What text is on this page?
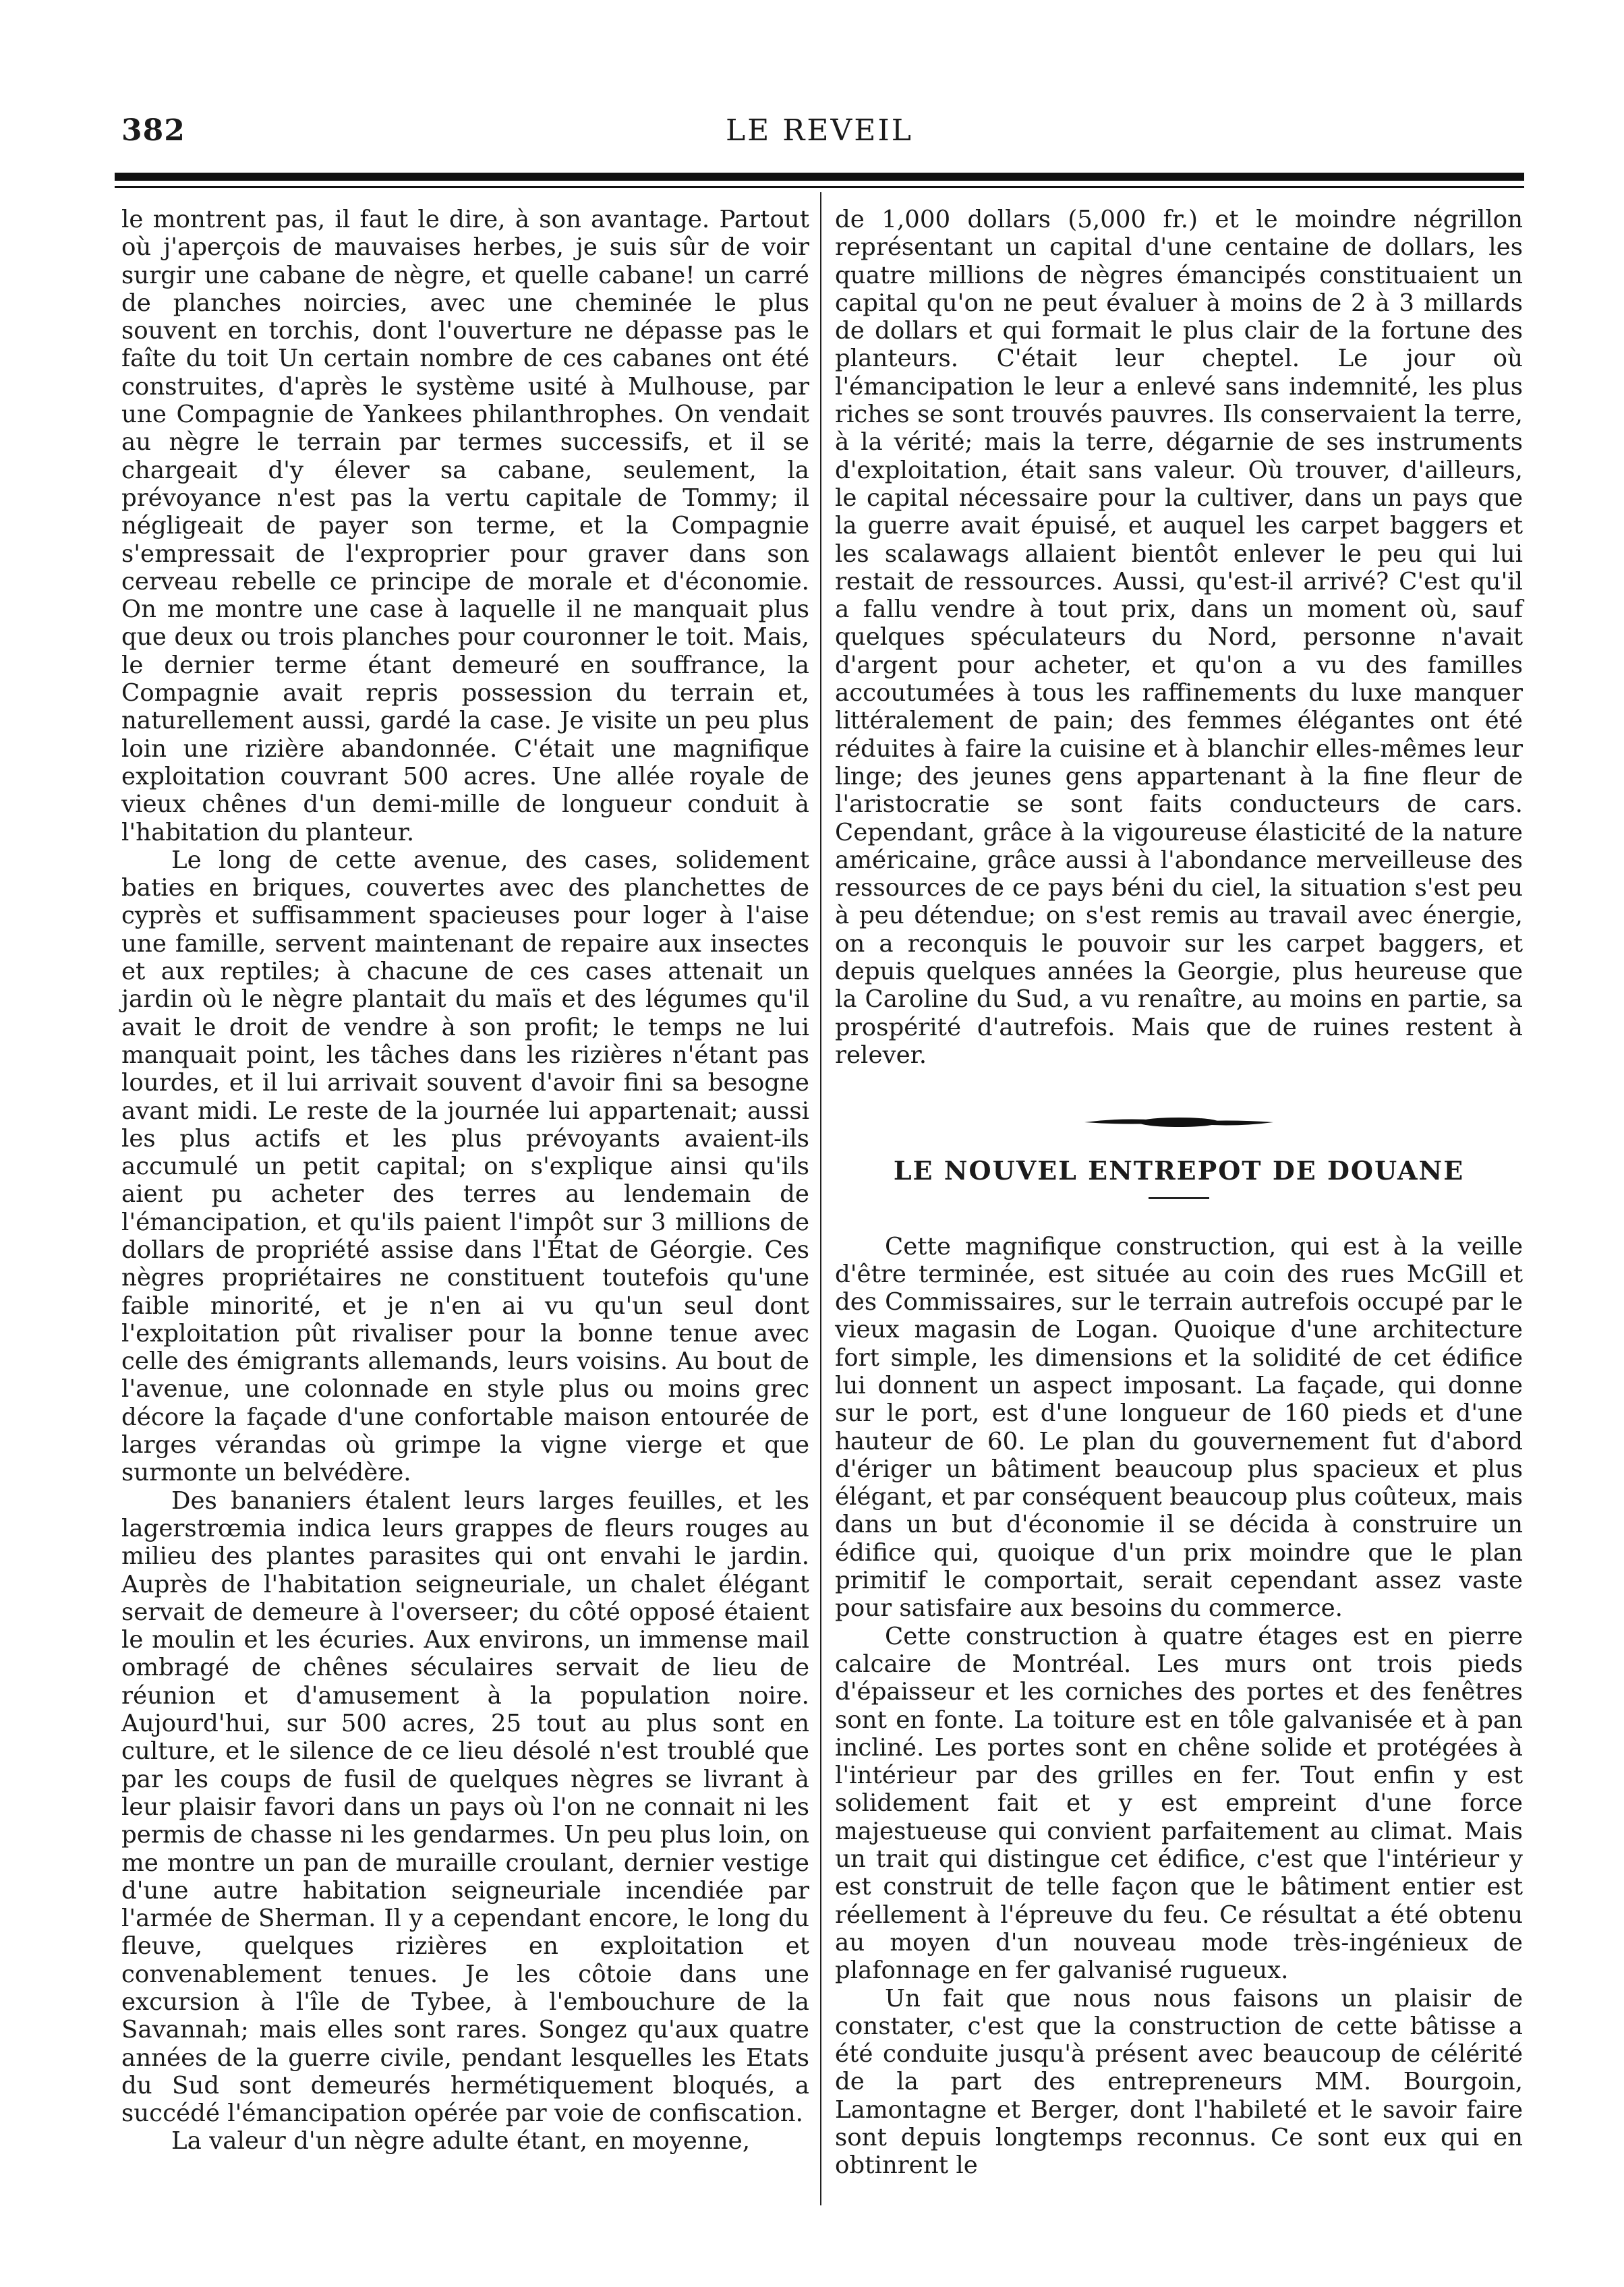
382	LE REVEIL

le montrent pas, il faut le dire, à son avantage. Partout où j'aperçois de mauvaises herbes, je suis sûr de voir surgir une cabane de nègre, et quelle cabane! un carré de planches noircies, avec une cheminée le plus souvent en torchis, dont l'ouverture ne dépasse pas le faîte du toit Un certain nombre de ces cabanes ont été construites, d'après le système usité à Mulhouse, par une Compagnie de Yankees philanthrophes. On vendait au nègre le terrain par termes successifs, et il se chargeait d'y élever sa cabane, seulement, la prévoyance n'est pas la vertu capitale de Tommy; il négligeait de payer son terme, et la Compagnie s'empressait de l'exproprier pour graver dans son cerveau rebelle ce principe de morale et d'économie. On me montre une case à laquelle il ne manquait plus que deux ou trois planches pour couronner le toit. Mais, le dernier terme étant demeuré en souffrance, la Compagnie avait repris possession du terrain et, naturellement aussi, gardé la case. Je visite un peu plus loin une rizière abandonnée. C'était une magnifique exploitation couvrant 500 acres. Une allée royale de vieux chênes d'un demi-mille de longueur conduit à l'habitation du planteur.

Le long de cette avenue, des cases, solidement baties en briques, couvertes avec des planchettes de cyprès et suffisamment spacieuses pour loger à l'aise une famille, servent maintenant de repaire aux insectes et aux reptiles; à chacune de ces cases attenait un jardin où le nègre plantait du maïs et des légumes qu'il avait le droit de vendre à son profit; le temps ne lui manquait point, les tâches dans les rizières n'étant pas lourdes, et il lui arrivait souvent d'avoir fini sa besogne avant midi. Le reste de la journée lui appartenait; aussi les plus actifs et les plus prévoyants avaient-ils accumulé un petit capital; on s'explique ainsi qu'ils aient pu acheter des terres au lendemain de l'émancipation, et qu'ils paient l'impôt sur 3 millions de dollars de propriété assise dans l'État de Géorgie. Ces nègres propriétaires ne constituent toutefois qu'une faible minorité, et je n'en ai vu qu'un seul dont l'exploitation pût rivaliser pour la bonne tenue avec celle des émigrants allemands, leurs voisins. Au bout de l'avenue, une colonnade en style plus ou moins grec décore la façade d'une confortable maison entourée de larges vérandas où grimpe la vigne vierge et que surmonte un belvédère.

Des bananiers étalent leurs larges feuilles, et les lagerstrœmia indica leurs grappes de fleurs rouges au milieu des plantes parasites qui ont envahi le jardin. Auprès de l'habitation seigneuriale, un chalet élégant servait de demeure à l'overseer; du côté opposé étaient le moulin et les écuries. Aux environs, un immense mail ombragé de chênes séculaires servait de lieu de réunion et d'amusement à la population noire. Aujourd'hui, sur 500 acres, 25 tout au plus sont en culture, et le silence de ce lieu désolé n'est troublé que par les coups de fusil de quelques nègres se livrant à leur plaisir favori dans un pays où l'on ne connait ni les permis de chasse ni les gendarmes. Un peu plus loin, on me montre un pan de muraille croulant, dernier vestige d'une autre habitation seigneuriale incendiée par l'armée de Sherman. Il y a cependant encore, le long du fleuve, quelques rizières en exploitation et convenablement tenues. Je les côtoie dans une excursion à l'île de Tybee, à l'embouchure de la Savannah; mais elles sont rares. Songez qu'aux quatre années de la guerre civile, pendant lesquelles les Etats du Sud sont demeurés hermétiquement bloqués, a succédé l'émancipation opérée par voie de confiscation.

La valeur d'un nègre adulte étant, en moyenne,

de 1,000 dollars (5,000 fr.) et le moindre négrillon représentant un capital d'une centaine de dollars, les quatre millions de nègres émancipés constituaient un capital qu'on ne peut évaluer à moins de 2 à 3 millards de dollars et qui formait le plus clair de la fortune des planteurs. C'était leur cheptel. Le jour où l'émancipation le leur a enlevé sans indemnité, les plus riches se sont trouvés pauvres. Ils conservaient la terre, à la vérité; mais la terre, dégarnie de ses instruments d'exploitation, était sans valeur. Où trouver, d'ailleurs, le capital nécessaire pour la cultiver, dans un pays que la guerre avait épuisé, et auquel les carpet baggers et les scalawags allaient bientôt enlever le peu qui lui restait de ressources. Aussi, qu'est-il arrivé? C'est qu'il a fallu vendre à tout prix, dans un moment où, sauf quelques spéculateurs du Nord, personne n'avait d'argent pour acheter, et qu'on a vu des familles accoutumées à tous les raffinements du luxe manquer littéralement de pain; des femmes élégantes ont été réduites à faire la cuisine et à blanchir elles-mêmes leur linge; des jeunes gens appartenant à la fine fleur de l'aristocratie se sont faits conducteurs de cars. Cependant, grâce à la vigoureuse élasticité de la nature américaine, grâce aussi à l'abondance merveilleuse des ressources de ce pays béni du ciel, la situation s'est peu à peu détendue; on s'est remis au travail avec énergie, on a reconquis le pouvoir sur les carpet baggers, et depuis quelques années la Georgie, plus heureuse que la Caroline du Sud, a vu renaître, au moins en partie, sa prospérité d'autrefois. Mais que de ruines restent à relever.

LE NOUVEL ENTREPOT DE DOUANE

Cette magnifique construction, qui est à la veille d'être terminée, est située au coin des rues McGill et des Commissaires, sur le terrain autrefois occupé par le vieux magasin de Logan. Quoique d'une architecture fort simple, les dimensions et la solidité de cet édifice lui donnent un aspect imposant. La façade, qui donne sur le port, est d'une longueur de 160 pieds et d'une hauteur de 60. Le plan du gouvernement fut d'abord d'ériger un bâtiment beaucoup plus spacieux et plus élégant, et par conséquent beaucoup plus coûteux, mais dans un but d'économie il se décida à construire un édifice qui, quoique d'un prix moindre que le plan primitif le comportait, serait cependant assez vaste pour satisfaire aux besoins du commerce.

Cette construction à quatre étages est en pierre calcaire de Montréal. Les murs ont trois pieds d'épaisseur et les corniches des portes et des fenêtres sont en fonte. La toiture est en tôle galvanisée et à pan incliné. Les portes sont en chêne solide et protégées à l'intérieur par des grilles en fer. Tout enfin y est solidement fait et y est empreint d'une force majestueuse qui convient parfaitement au climat. Mais un trait qui distingue cet édifice, c'est que l'intérieur y est construit de telle façon que le bâtiment entier est réellement à l'épreuve du feu. Ce résultat a été obtenu au moyen d'un nouveau mode très-ingénieux de plafonnage en fer galvanisé rugueux.

Un fait que nous nous faisons un plaisir de constater, c'est que la construction de cette bâtisse a été conduite jusqu'à présent avec beaucoup de célérité de la part des entrepreneurs MM. Bourgoin, Lamontagne et Berger, dont l'habileté et le savoir faire sont depuis longtemps reconnus. Ce sont eux qui en obtinrent le
